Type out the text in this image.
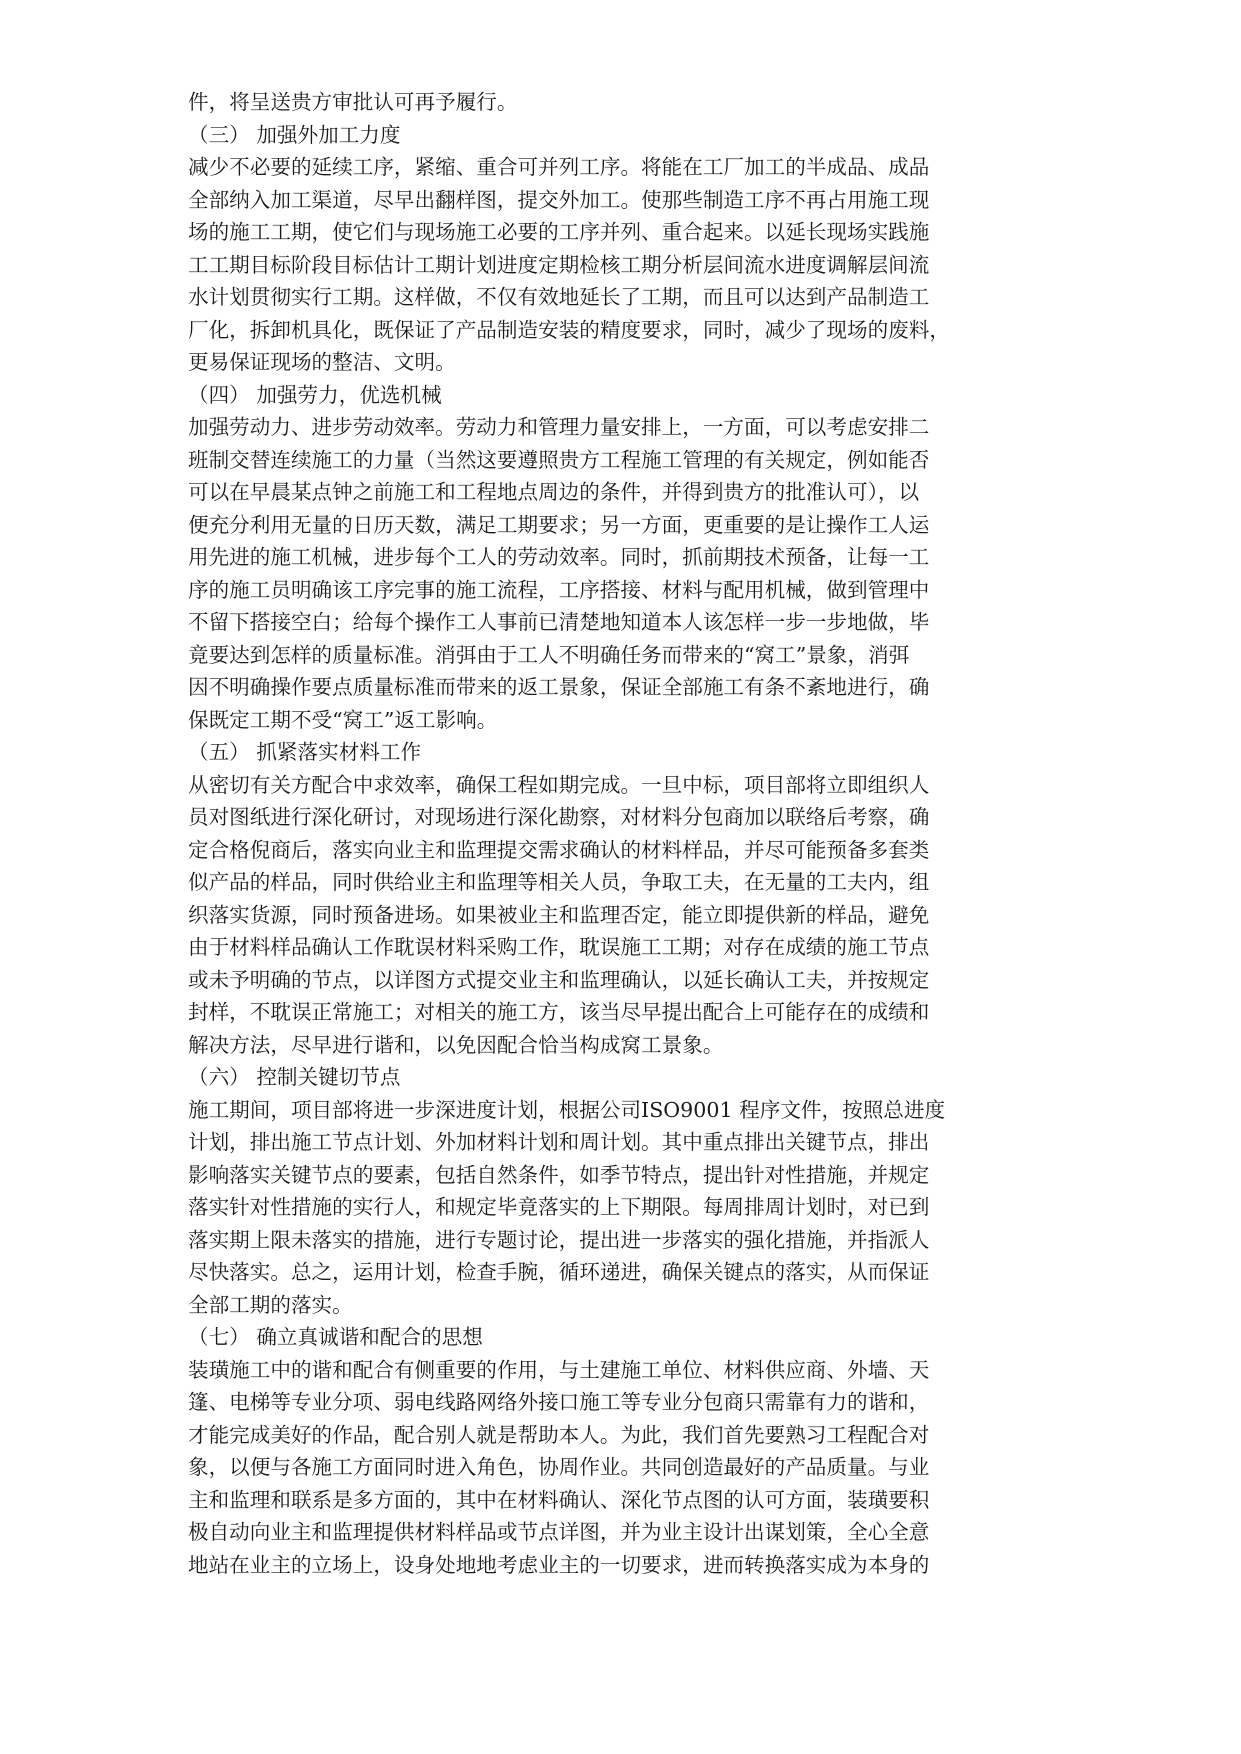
件，将呈送贵方审批认可再予履行。
（三） 加强外加工力度
减少不必要的延续工序，紧缩、重合可并列工序。将能在工厂加工的半成品、成品
全部纳入加工渠道，尽早出翻样图，提交外加工。使那些制造工序不再占用施工现
场的施工工期，使它们与现场施工必要的工序并列、重合起来。以延长现场实践施
工工期目标阶段目标估计工期计划进度定期检核工期分析层间流水进度调解层间流
水计划贯彻实行工期。这样做，不仅有效地延长了工期，而且可以达到产品制造工
厂化，拆卸机具化，既保证了产品制造安装的精度要求，同时，减少了现场的废料，
更易保证现场的整洁、文明。
（四） 加强劳力，优选机械
加强劳动力、进步劳动效率。劳动力和管理力量安排上，一方面，可以考虑安排二
班制交替连续施工的力量（当然这要遵照贵方工程施工管理的有关规定，例如能否
可以在早晨某点钟之前施工和工程地点周边的条件，并得到贵方的批准认可），以
便充分利用无量的日历天数，满足工期要求；另一方面，更重要的是让操作工人运
用先进的施工机械，进步每个工人的劳动效率。同时，抓前期技术预备，让每一工
序的施工员明确该工序完事的施工流程，工序搭接、材料与配用机械，做到管理中
不留下搭接空白；给每个操作工人事前已清楚地知道本人该怎样一步一步地做，毕
竟要达到怎样的质量标准。消弭由于工人不明确任务而带来的“窝工”景象，消弭
因不明确操作要点质量标准而带来的返工景象，保证全部施工有条不紊地进行，确
保既定工期不受“窝工”返工影响。
（五） 抓紧落实材料工作
从密切有关方配合中求效率，确保工程如期完成。一旦中标，项目部将立即组织人
员对图纸进行深化研讨，对现场进行深化勘察，对材料分包商加以联络后考察，确
定合格倪商后，落实向业主和监理提交需求确认的材料样品，并尽可能预备多套类
似产品的样品，同时供给业主和监理等相关人员，争取工夫，在无量的工夫内，组
织落实货源，同时预备进场。如果被业主和监理否定，能立即提供新的样品，避免
由于材料样品确认工作耽误材料采购工作，耽误施工工期；对存在成绩的施工节点
或未予明确的节点，以详图方式提交业主和监理确认，以延长确认工夫，并按规定
封样，不耽误正常施工；对相关的施工方，该当尽早提出配合上可能存在的成绩和
解决方法，尽早进行谐和，以免因配合恰当构成窝工景象。
（六） 控制关键切节点
施工期间，项目部将进一步深进度计划，根据公司ISO9001 程序文件，按照总进度
计划，排出施工节点计划、外加材料计划和周计划。其中重点排出关键节点，排出
影响落实关键节点的要素，包括自然条件，如季节特点，提出针对性措施，并规定
落实针对性措施的实行人，和规定毕竟落实的上下期限。每周排周计划时，对已到
落实期上限未落实的措施，进行专题讨论，提出进一步落实的强化措施，并指派人
尽快落实。总之，运用计划，检查手腕，循环递进，确保关键点的落实，从而保证
全部工期的落实。
（七） 确立真诚谐和配合的思想
装璜施工中的谐和配合有侧重要的作用，与土建施工单位、材料供应商、外墙、天
篷、电梯等专业分项、弱电线路网络外接口施工等专业分包商只需靠有力的谐和，
才能完成美好的作品，配合别人就是帮助本人。为此，我们首先要熟习工程配合对
象，以便与各施工方面同时进入角色，协周作业。共同创造最好的产品质量。与业
主和监理和联系是多方面的，其中在材料确认、深化节点图的认可方面，装璜要积
极自动向业主和监理提供材料样品或节点详图，并为业主设计出谋划策，全心全意
地站在业主的立场上，设身处地地考虑业主的一切要求，进而转换落实成为本身的
